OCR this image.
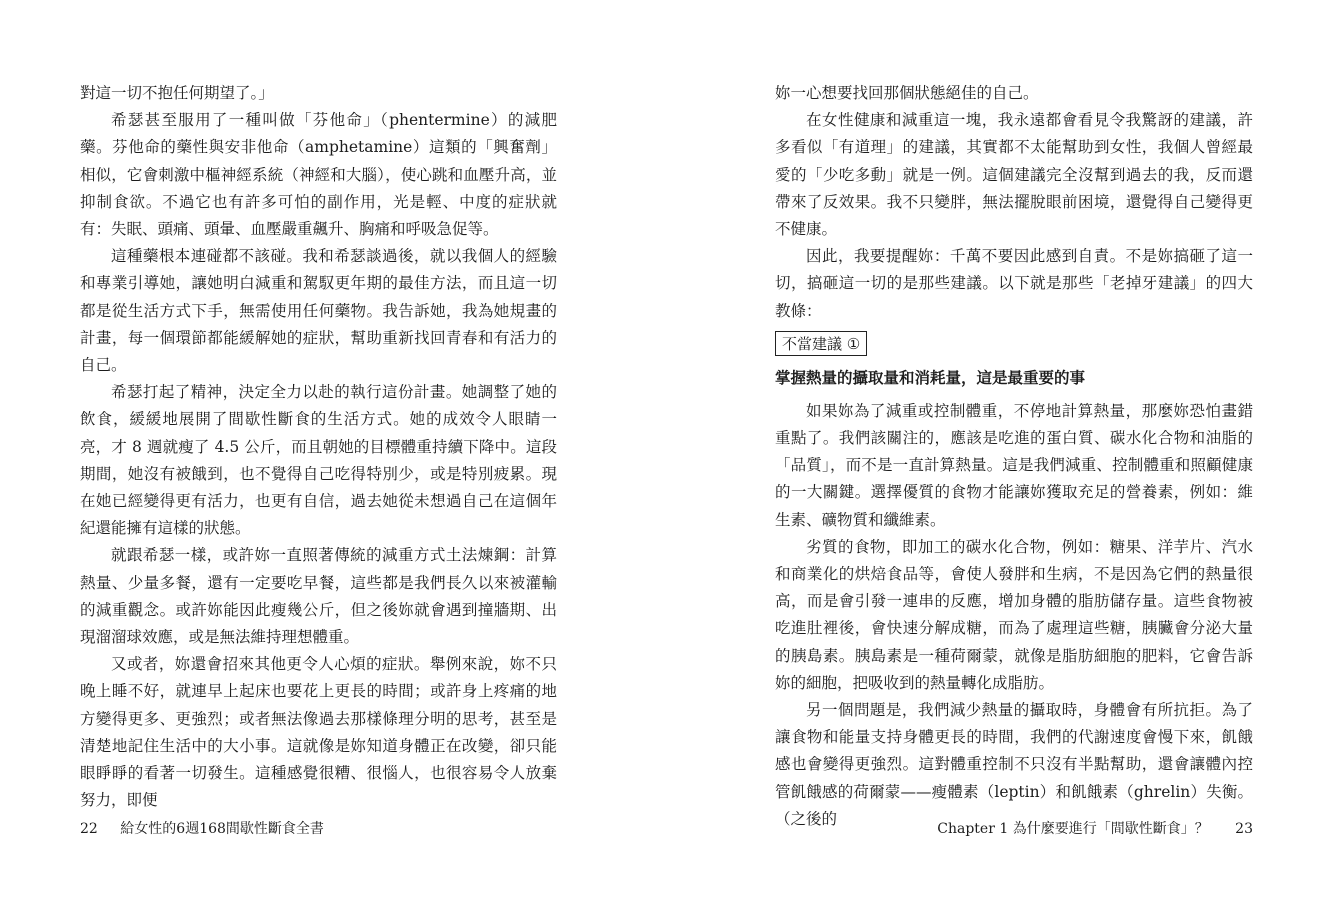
對這一切不抱任何期望了。」

希瑟甚至服用了一種叫做「芬他命」（phentermine）的減肥藥。芬他命的藥性與安非他命（amphetamine）這類的「興奮劑」相似，它會刺激中樞神經系統（神經和大腦），使心跳和血壓升高，並抑制食欲。不過它也有許多可怕的副作用，光是輕、中度的症狀就有：失眠、頭痛、頭暈、血壓嚴重飆升、胸痛和呼吸急促等。

這種藥根本連碰都不該碰。我和希瑟談過後，就以我個人的經驗和專業引導她，讓她明白減重和駕馭更年期的最佳方法，而且這一切都是從生活方式下手，無需使用任何藥物。我告訴她，我為她規畫的計畫，每一個環節都能緩解她的症狀，幫助重新找回青春和有活力的自己。

希瑟打起了精神，決定全力以赴的執行這份計畫。她調整了她的飲食，緩緩地展開了間歇性斷食的生活方式。她的成效令人眼睛一亮，才 8 週就瘦了 4.5 公斤，而且朝她的目標體重持續下降中。這段期間，她沒有被餓到，也不覺得自己吃得特別少，或是特別疲累。現在她已經變得更有活力，也更有自信，過去她從未想過自己在這個年紀還能擁有這樣的狀態。

就跟希瑟一樣，或許妳一直照著傳統的減重方式土法煉鋼：計算熱量、少量多餐，還有一定要吃早餐，這些都是我們長久以來被灌輸的減重觀念。或許妳能因此瘦幾公斤，但之後妳就會遇到撞牆期、出現溜溜球效應，或是無法維持理想體重。

又或者，妳還會招來其他更令人心煩的症狀。舉例來說，妳不只晚上睡不好，就連早上起床也要花上更長的時間；或許身上疼痛的地方變得更多、更強烈；或者無法像過去那樣條理分明的思考，甚至是清楚地記住生活中的大小事。這就像是妳知道身體正在改變，卻只能眼睜睜的看著一切發生。這種感覺很糟、很惱人，也很容易令人放棄努力，即便

22 給女性的6週168間歇性斷食全書

妳一心想要找回那個狀態絕佳的自己。

在女性健康和減重這一塊，我永遠都會看見令我驚訝的建議，許多看似「有道理」的建議，其實都不太能幫助到女性，我個人曾經最愛的「少吃多動」就是一例。這個建議完全沒幫到過去的我，反而還帶來了反效果。我不只變胖，無法擺脫眼前困境，還覺得自己變得更不健康。

因此，我要提醒妳：千萬不要因此感到自責。不是妳搞砸了這一切，搞砸這一切的是那些建議。以下就是那些「老掉牙建議」的四大教條：

不當建議 ①
掌握熱量的攝取量和消耗量，這是最重要的事

如果妳為了減重或控制體重，不停地計算熱量，那麼妳恐怕畫錯重點了。我們該關注的，應該是吃進的蛋白質、碳水化合物和油脂的「品質」，而不是一直計算熱量。這是我們減重、控制體重和照顧健康的一大關鍵。選擇優質的食物才能讓妳獲取充足的營養素，例如：維生素、礦物質和纖維素。

劣質的食物，即加工的碳水化合物，例如：糖果、洋芋片、汽水和商業化的烘焙食品等，會使人發胖和生病，不是因為它們的熱量很高，而是會引發一連串的反應，增加身體的脂肪儲存量。這些食物被吃進肚裡後，會快速分解成糖，而為了處理這些糖，胰臟會分泌大量的胰島素。胰島素是一種荷爾蒙，就像是脂肪細胞的肥料，它會告訴妳的細胞，把吸收到的熱量轉化成脂肪。

另一個問題是，我們減少熱量的攝取時，身體會有所抗拒。為了讓食物和能量支持身體更長的時間，我們的代謝速度會慢下來，飢餓感也會變得更強烈。這對體重控制不只沒有半點幫助，還會讓體內控管飢餓感的荷爾蒙——瘦體素（leptin）和飢餓素（ghrelin）失衡。（之後的

Chapter 1 為什麼要進行「間歇性斷食」？ 23
